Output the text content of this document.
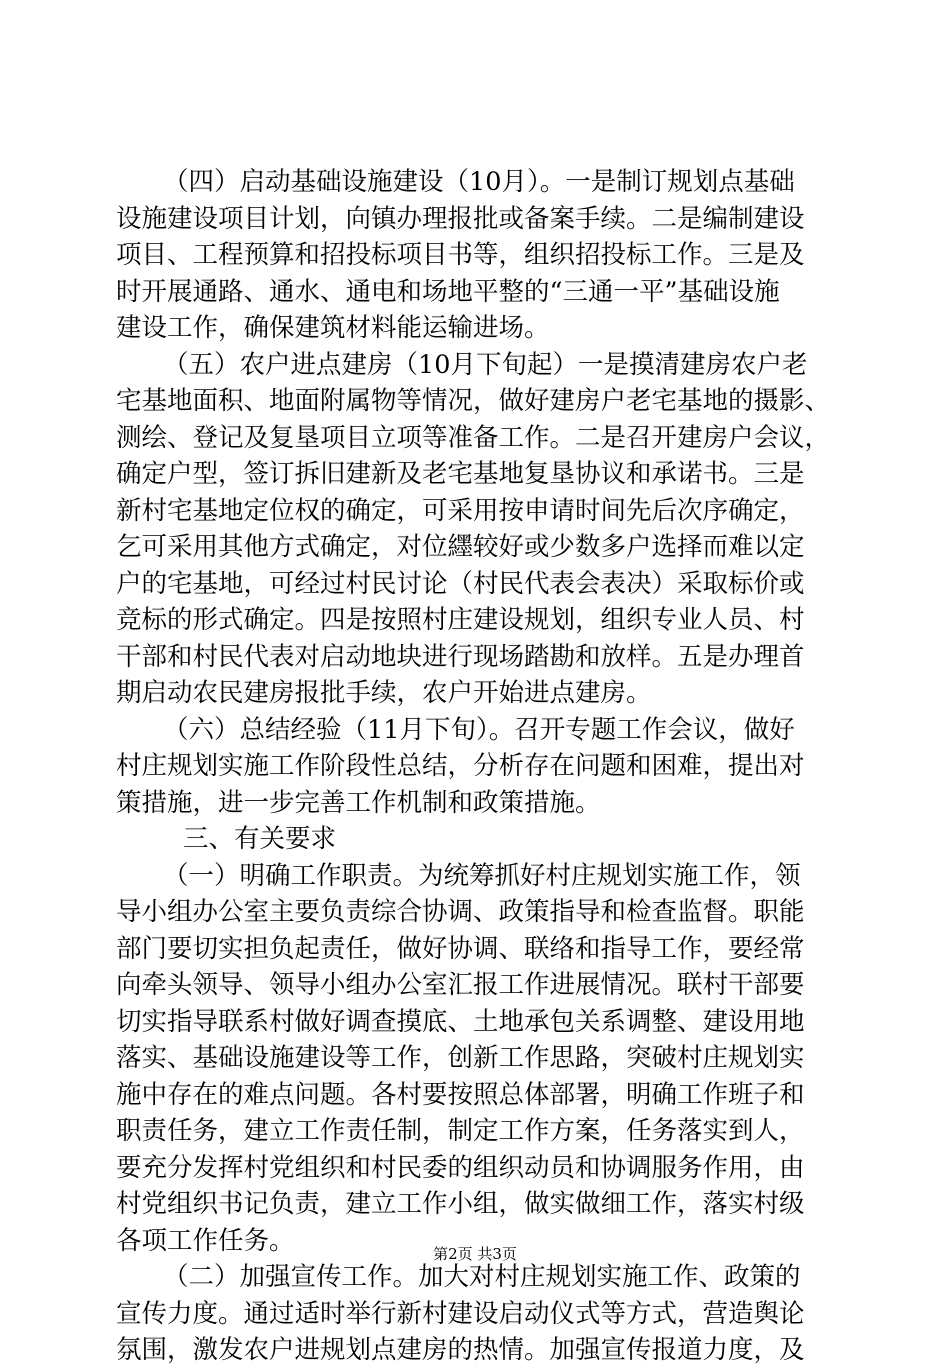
（四）启动基础设施建设（10月）。一是制订规划点基础
设施建设项目计划，向镇办理报批或备案手续。二是编制建设
项目、工程预算和招投标项目书等，组织招投标工作。三是及
时开展通路、通水、通电和场地平整的“三通一平”基础设施
建设工作，确保建筑材料能运输进场。
（五）农户进点建房（10月下旬起）一是摸清建房农户老
宅基地面积、地面附属物等情况，做好建房户老宅基地的摄影、
测绘、登记及复垦项目立项等准备工作。二是召开建房户会议，
确定户型，签订拆旧建新及老宅基地复垦协议和承诺书。三是
新村宅基地定位权的确定，可采用按申请时间先后次序确定，
乞可采用其他方式确定，对位纆较好或少数多户选择而难以定
户的宅基地，可经过村民讨论（村民代表会表决）采取标价或
竞标的形式确定。四是按照村庄建设规划，组织专业人员、村
干部和村民代表对启动地块进行现场踏勘和放样。五是办理首
期启动农民建房报批手续，农户开始进点建房。
（六）总结经验（11月下旬）。召开专题工作会议，做好
村庄规划实施工作阶段性总结，分析存在问题和困难，提出对
策措施，进一步完善工作机制和政策措施。
三、有关要求
（一）明确工作职责。为统筹抓好村庄规划实施工作，领
导小组办公室主要负责综合协调、政策指导和检查监督。职能
部门要切实担负起责任，做好协调、联络和指导工作，要经常
向牵头领导、领导小组办公室汇报工作进展情况。联村干部要
切实指导联系村做好调查摸底、土地承包关系调整、建设用地
落实、基础设施建设等工作，创新工作思路，突破村庄规划实
施中存在的难点问题。各村要按照总体部署，明确工作班子和
职责任务，建立工作责任制，制定工作方案，任务落实到人，
要充分发挥村党组织和村民委的组织动员和协调服务作用，由
村党组织书记负责，建立工作小组，做实做细工作，落实村级
各项工作任务。
（二）加强宣传工作。加大对村庄规划实施工作、政策的
宣传力度。通过适时举行新村建设启动仪式等方式，营造舆论
氛围，激发农户进规划点建房的热情。加强宣传报道力度，及
第2页 共3页
